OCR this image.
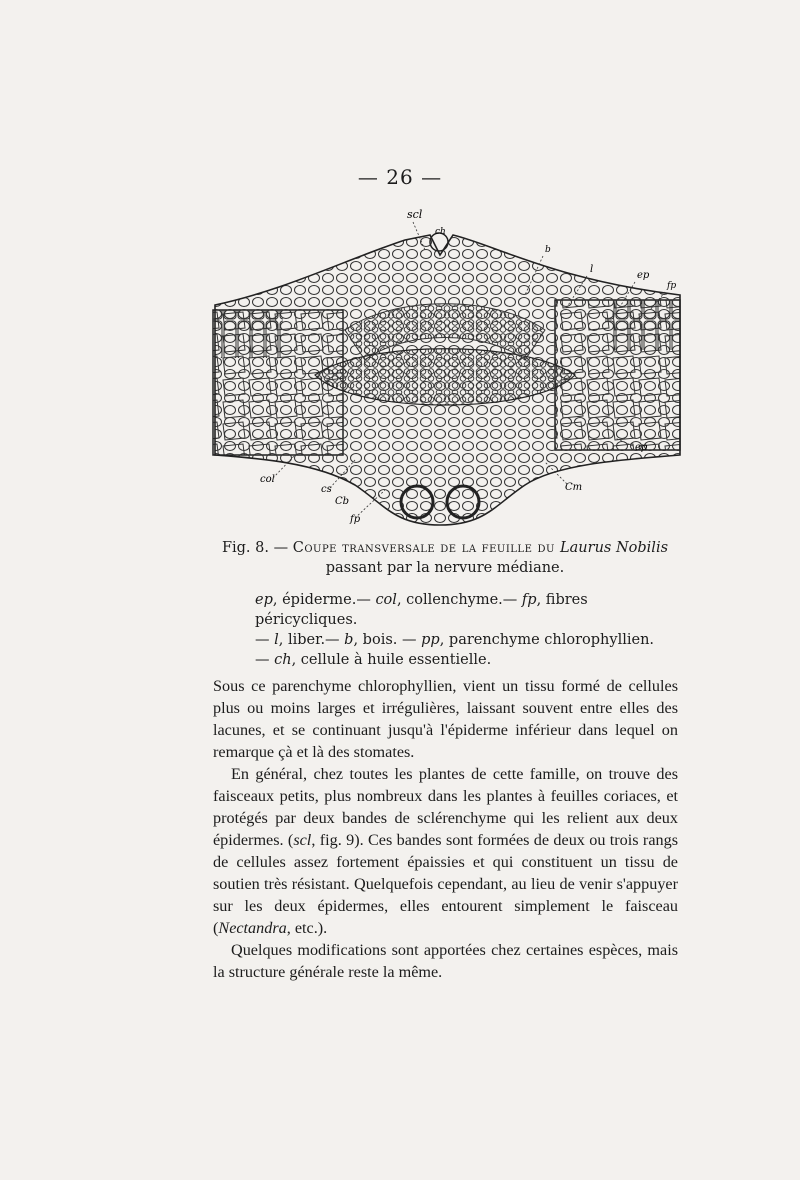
— 26 —
scl
ch
b
l
ep
fp
ep
col
cs
Cb
fp
Cm
Fig. 8. — Coupe transversale de la feuille du Laurus Nobilis
passant par la nervure médiane.
ep, épiderme.— col, collenchyme.— fp, fibres péricycliques.
— l, liber.— b, bois. — pp, parenchyme chlorophyllien.
— ch, cellule à huile essentielle.

Sous ce parenchyme chlorophyllien, vient un tissu formé de cellules plus ou moins larges et irrégulières, laissant souvent entre elles des lacunes, et se continuant jusqu'à l'épiderme inférieur dans lequel on remarque çà et là des stomates.

En général, chez toutes les plantes de cette famille, on trouve des faisceaux petits, plus nombreux dans les plantes à feuilles coriaces, et protégés par deux bandes de sclérenchyme qui les relient aux deux épidermes. (scl, fig. 9). Ces bandes sont formées de deux ou trois rangs de cellules assez fortement épaissies et qui constituent un tissu de soutien très résistant. Quelquefois cependant, au lieu de venir s'appuyer sur les deux épidermes, elles entourent simplement le faisceau (Nectandra, etc.).

Quelques modifications sont apportées chez certaines espèces, mais la structure générale reste la même.
